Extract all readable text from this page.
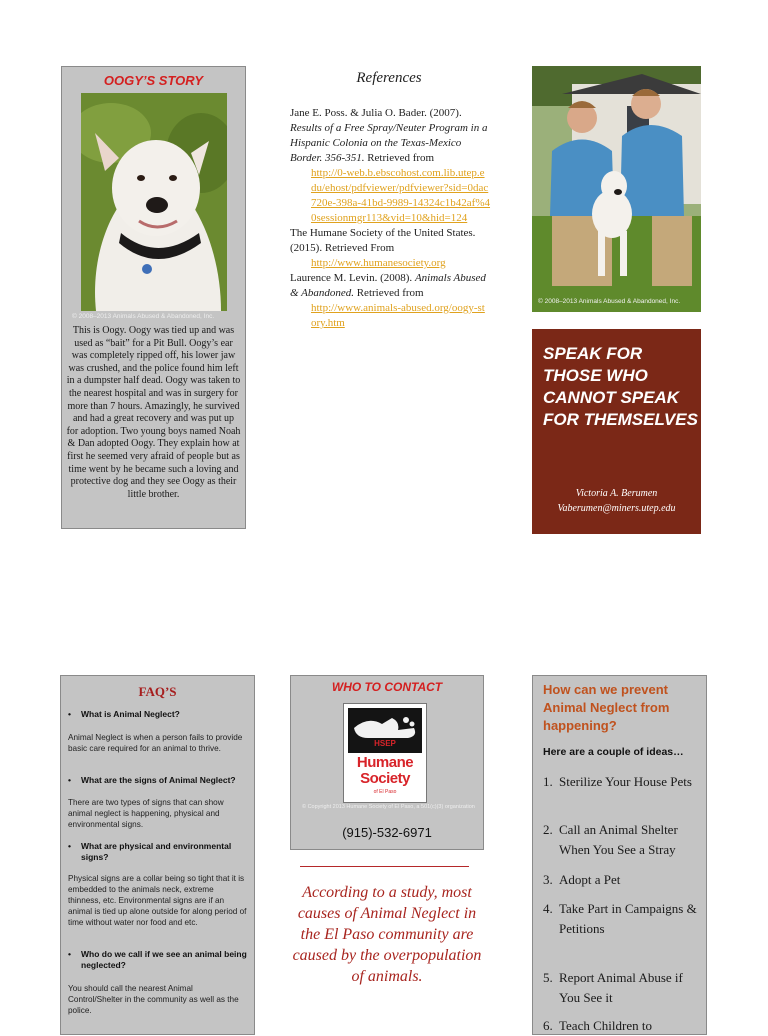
OOGY’S STORY
© 2008–2013 Animals Abused & Abandoned, Inc.
This is Oogy. Oogy was tied up and was used as “bait” for a Pit Bull. Oogy’s ear was completely ripped off, his lower jaw was crushed, and the police found him left in a dumpster half dead. Oogy was taken to the nearest hospital and was in surgery for more than 7 hours. Amazingly, he survived and had a great recovery and was put up for adoption. Two young boys named Noah & Dan adopted Oogy. They explain how at first he seemed very afraid of people but as time went by he became such a loving and protective dog and they see Oogy as their little brother.
References

Jane E. Poss. & Julia O. Bader. (2007). Results of a Free Spray/Neuter Program in a Hispanic Colonia on the Texas-Mexico Border. 356-351. Retrieved from
http://0-web.b.ebscohost.com.lib.utep.edu/ehost/pdfviewer/pdfviewer?sid=0dac720e-398a-41bd-9989-14324c1b42af%40sessionmgr113&vid=10&hid=124

The Humane Society of the United States. (2015). Retrieved From
http://www.humanesociety.org

Laurence M. Levin. (2008). Animals Abused & Abandoned. Retrieved from
http://www.animals-abused.org/oogy-story.htm

© 2008–2013 Animals Abused & Abandoned, Inc.
SPEAK FOR THOSE WHO CANNOT SPEAK FOR THEMSELVES
Victoria A. Berumen
Vaberumen@miners.utep.edu
FAQ’S
•	What is Animal Neglect?
Animal Neglect is when a person fails to provide basic care required for an animal to thrive.
•	What are the signs of Animal Neglect?
There are two types of signs that can show animal neglect is happening, physical and environmental signs.
•	What are physical and environmental signs?
Physical signs are a collar being so tight that it is embedded to the animals neck, extreme thinness, etc. Environmental signs are if an animal is tied up alone outside for along period of time without water nor food and etc.
•	Who do we call if we see an animal being neglected?
You should call the nearest Animal Control/Shelter in the community as well as the police.
WHO TO CONTACT
HSEP
Humane
Society
of El Paso
© Copyright 2013 Humane Society of El Paso, a 501(c)(3) organization
(915)-532-6971
According to a study, most causes of Animal Neglect in the El Paso community are caused by the overpopulation of animals.
How can we prevent Animal Neglect from happening?
Here are a couple of ideas…
1. Sterilize Your House Pets
2. Call an Animal Shelter When You See a Stray
3. Adopt a Pet
4. Take Part in Campaigns & Petitions
5. Report Animal Abuse if You See it
6. Teach Children to
